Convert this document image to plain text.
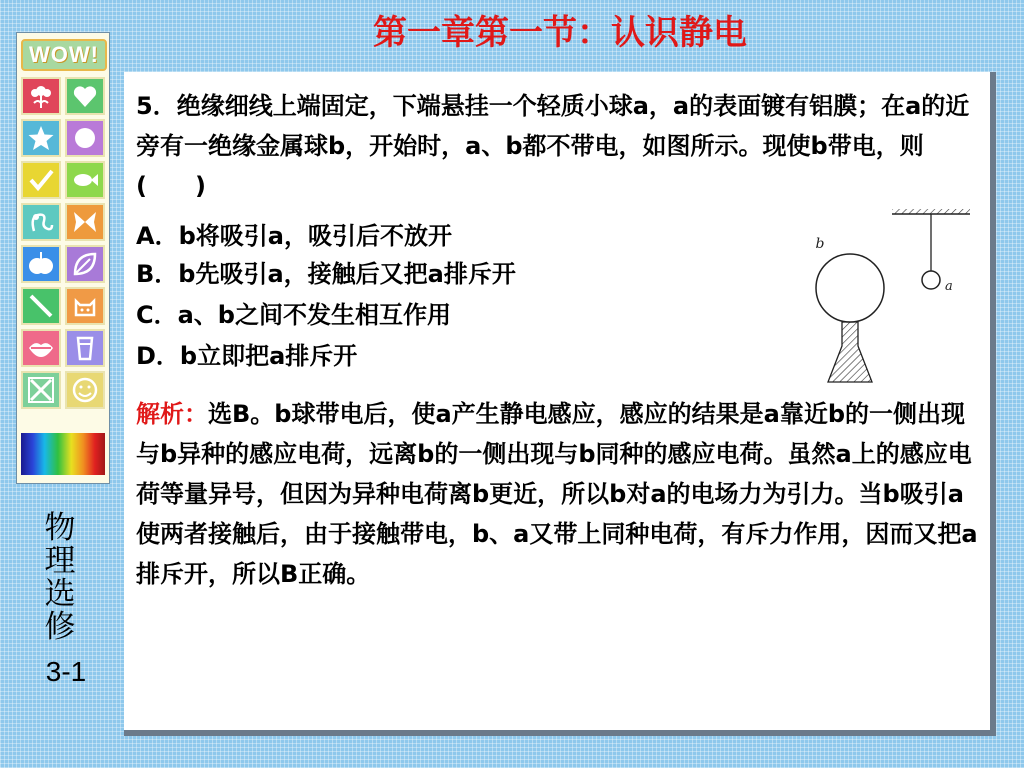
第一章第一节：认识静电
WOW!
物理选修
3-1
5．绝缘细线上端固定，下端悬挂一个轻质小球a，a的表面镀有铝膜；在a的近旁有一绝缘金属球b，开始时，a、b都不带电，如图所示。现使b带电，则(　　)
A．b将吸引a，吸引后不放开
B．b先吸引a，接触后又把a排斥开
C．a、b之间不发生相互作用
D．b立即把a排斥开
a
b
解析：选B。b球带电后，使a产生静电感应，感应的结果是a靠近b的一侧出现与b异种的感应电荷，远离b的一侧出现与b同种的感应电荷。虽然a上的感应电荷等量异号，但因为异种电荷离b更近，所以b对a的电场力为引力。当b吸引a使两者接触后，由于接触带电，b、a又带上同种电荷，有斥力作用，因而又把a排斥开，所以B正确。
